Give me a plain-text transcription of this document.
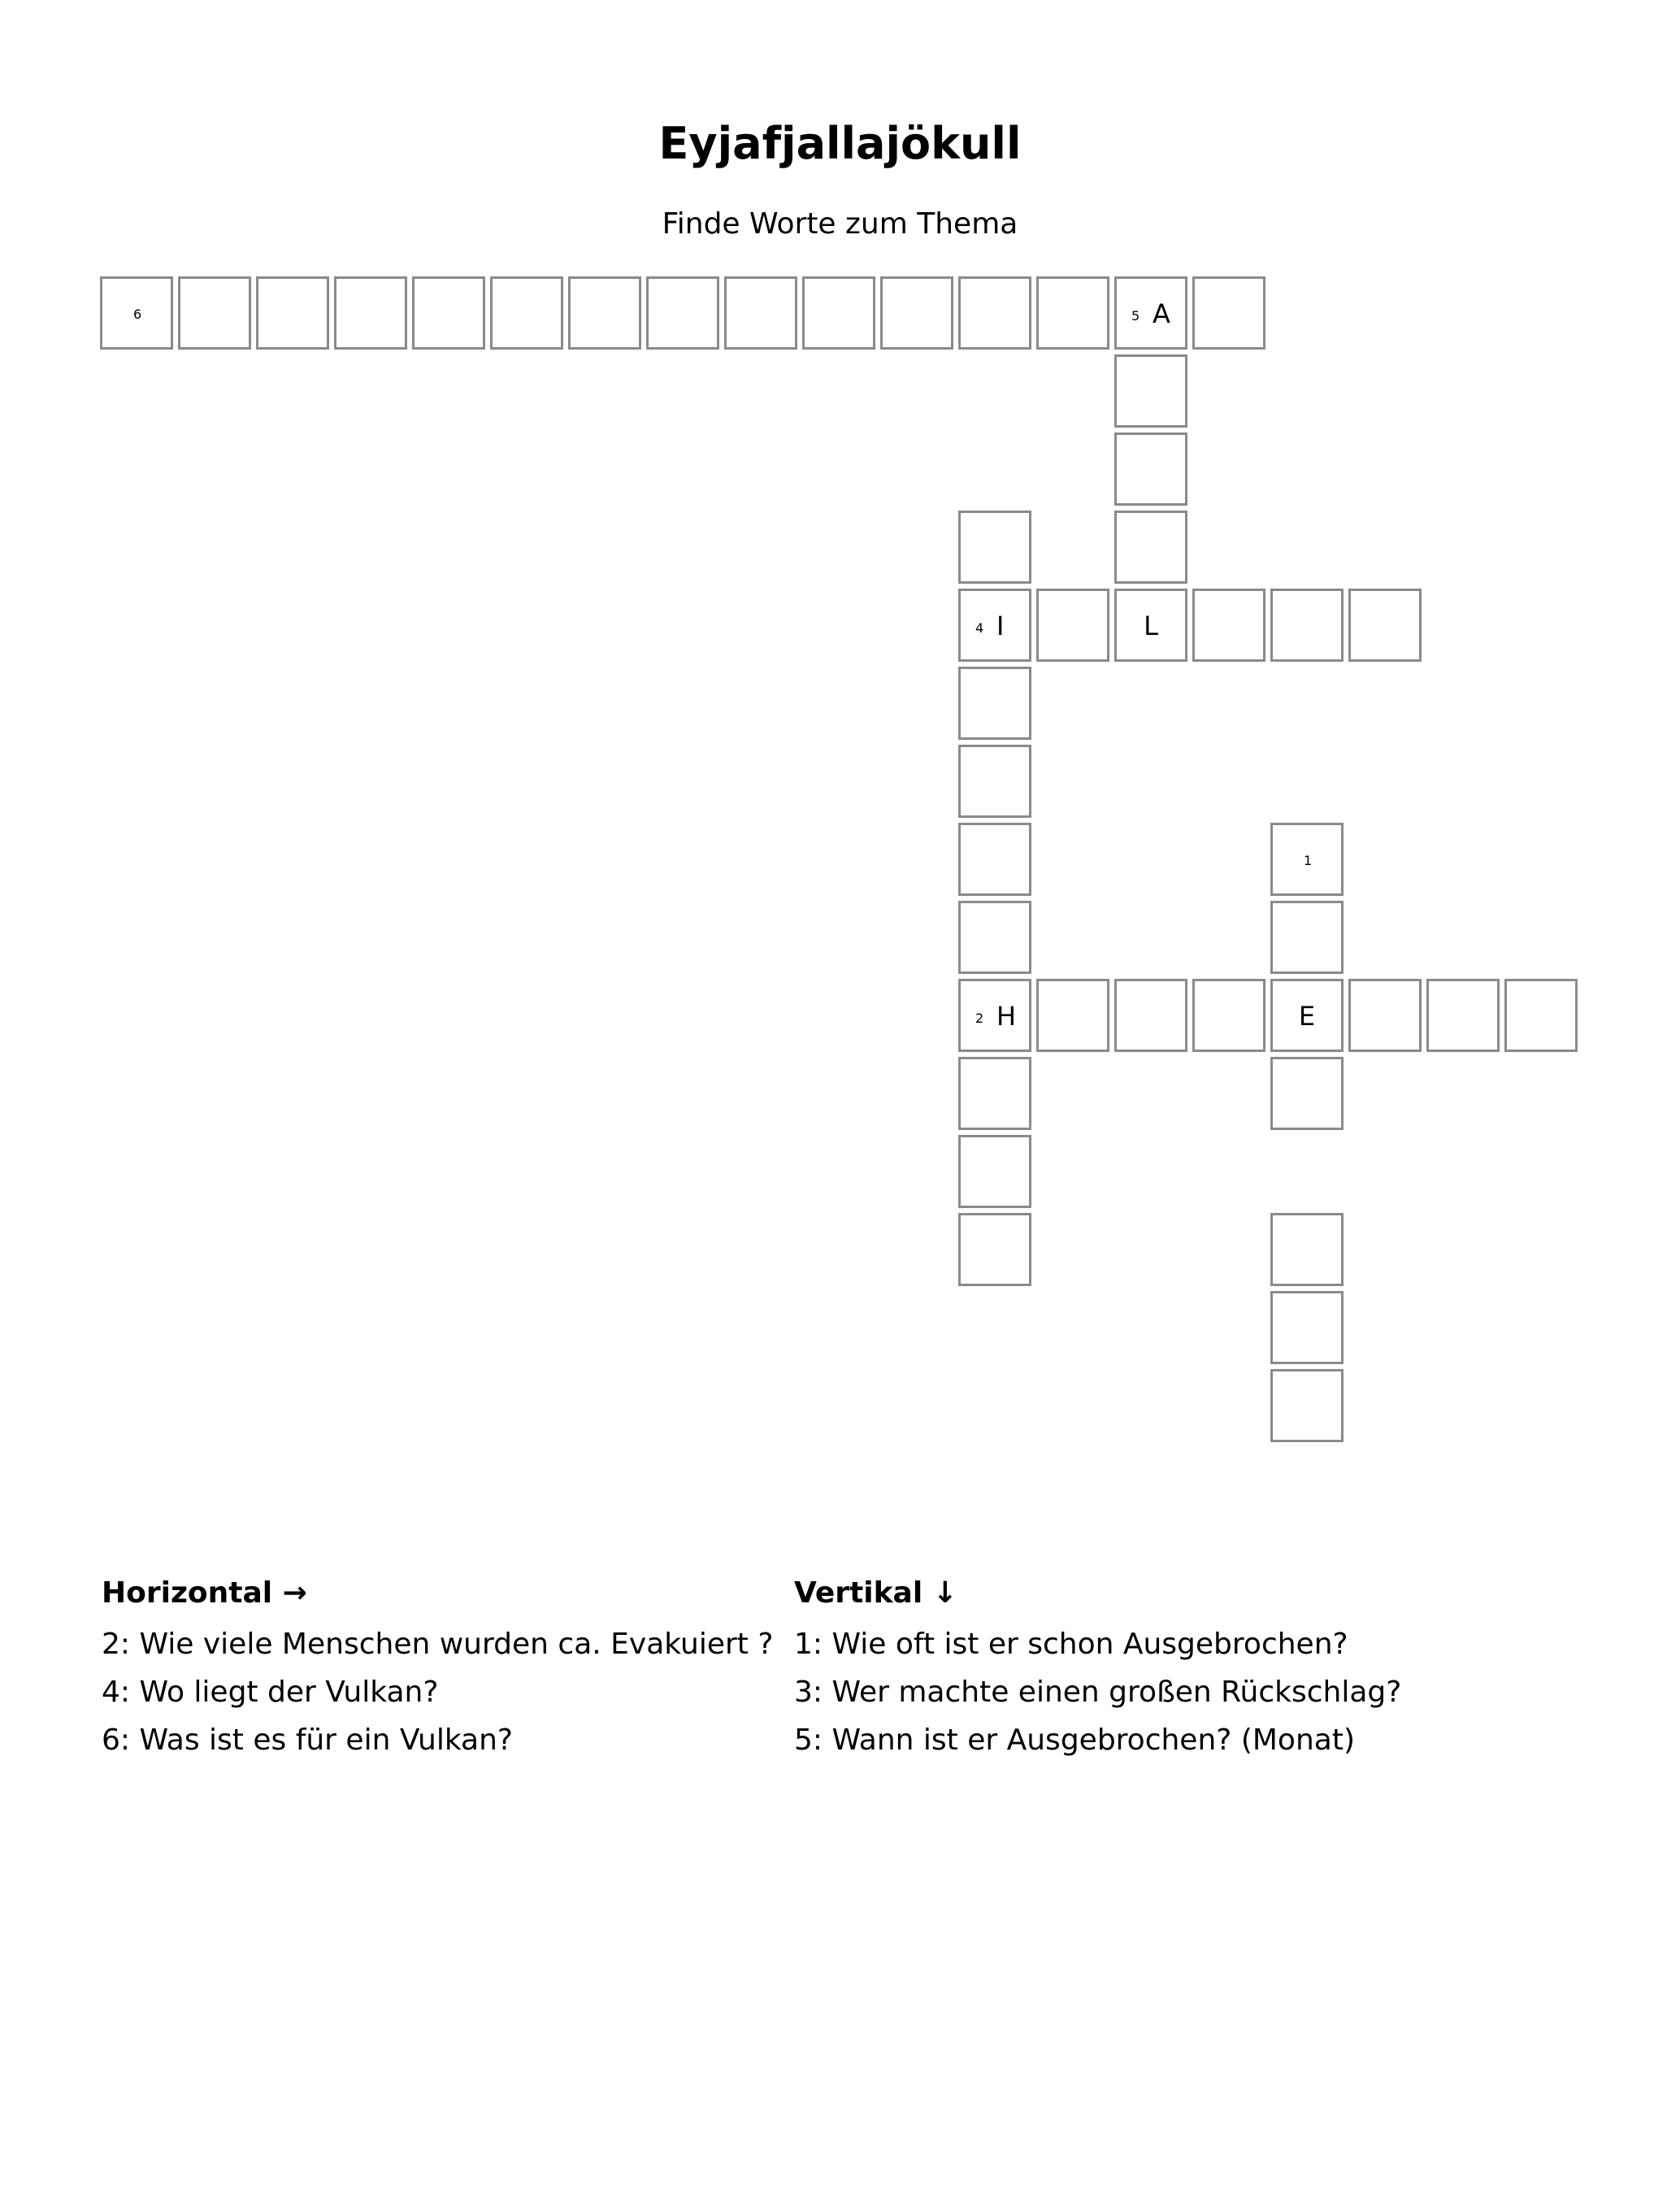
Eyjafjallajökull
Finde Worte zum Thema
6	5 A
4 I	L
1
2 H	E
Horizontal →
2: Wie viele Menschen wurden ca. Evakuiert ?
4: Wo liegt der Vulkan?
6: Was ist es für ein Vulkan?
Vertikal ↓
1: Wie oft ist er schon Ausgebrochen?
3: Wer machte einen großen Rückschlag?
5: Wann ist er Ausgebrochen? (Monat)
